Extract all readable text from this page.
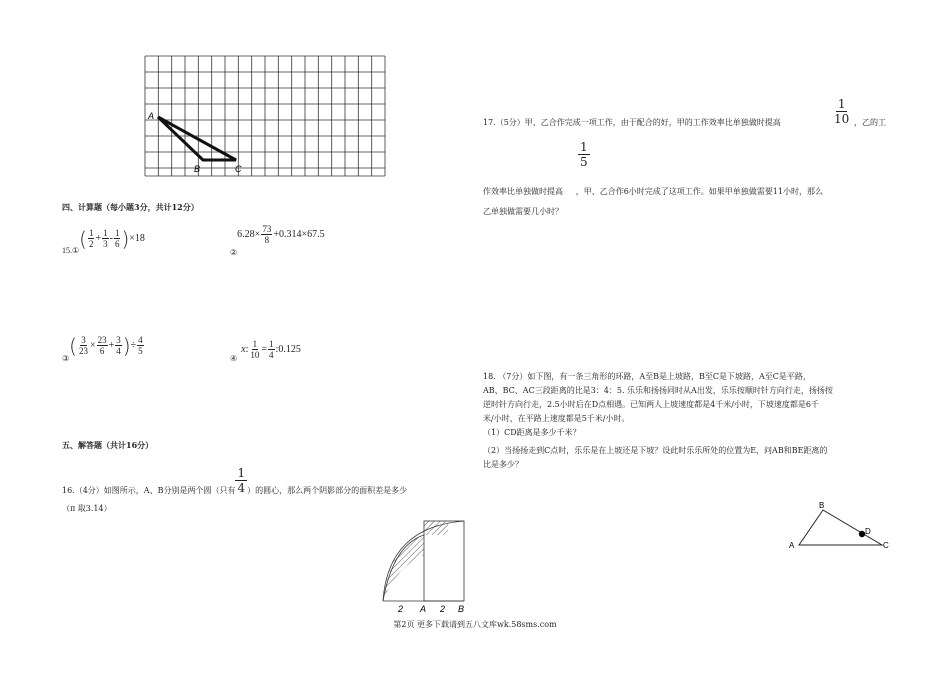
A
B	C
四、计算题（每小题3分，共计12分）
15. ① ( $\frac{1}{2} + \frac{1}{3} - \frac{1}{6}$ ) ×18
②
$6.28\times \frac{73}{8} +0.314\times 67.5$
③
( $\frac{3}{23} \times \frac{23}{6} + \frac{3}{4}$ ) ÷ $\frac{4}{5}$
④
x : $\frac{1}{10} = \frac{1}{4}$ :0.125
五、解答题（共计16分）
16.（4分）如图所示，A、B分别是两个圆（只有 $\frac{1}{4}$ ）的圆心，那么两个阴影部分的面积差是多少
（π 取3.14）
2 A 2 B
17.（5分）甲、乙合作完成一项工作，由于配合的好，甲的工作效率比单独做时提高	$\frac{1}{10}$ ，乙的工
$\frac{1}{5}$
作效率比单独做时提高     ，甲、乙合作6小时完成了这项工作。如果甲单独做需要11小时，那么
乙单独做需要几小时？
18. （7分）如下图，有一条三角形的环路，A至B是上坡路，B至C是下坡路，A至C是平路，
AB、BC、AC三段距离的比是3：4：5. 乐乐和扬扬同时从A出发，乐乐按顺时针方向行走，扬扬按
逆时针方向行走，2.5小时后在D点相遇。已知两人上坡速度都是4千米/小时，下坡速度都是6千
米/小时，在平路上速度都是5千米/小时。
（1）CD距离是多少千米？
（2）当扬扬走到C点时，乐乐是在上坡还是下坡？设此时乐乐所处的位置为E，问AB和BE距离的
比是多少？
A
B
C
D
第2页 更多下载请到五八文库wk.58sms.com
